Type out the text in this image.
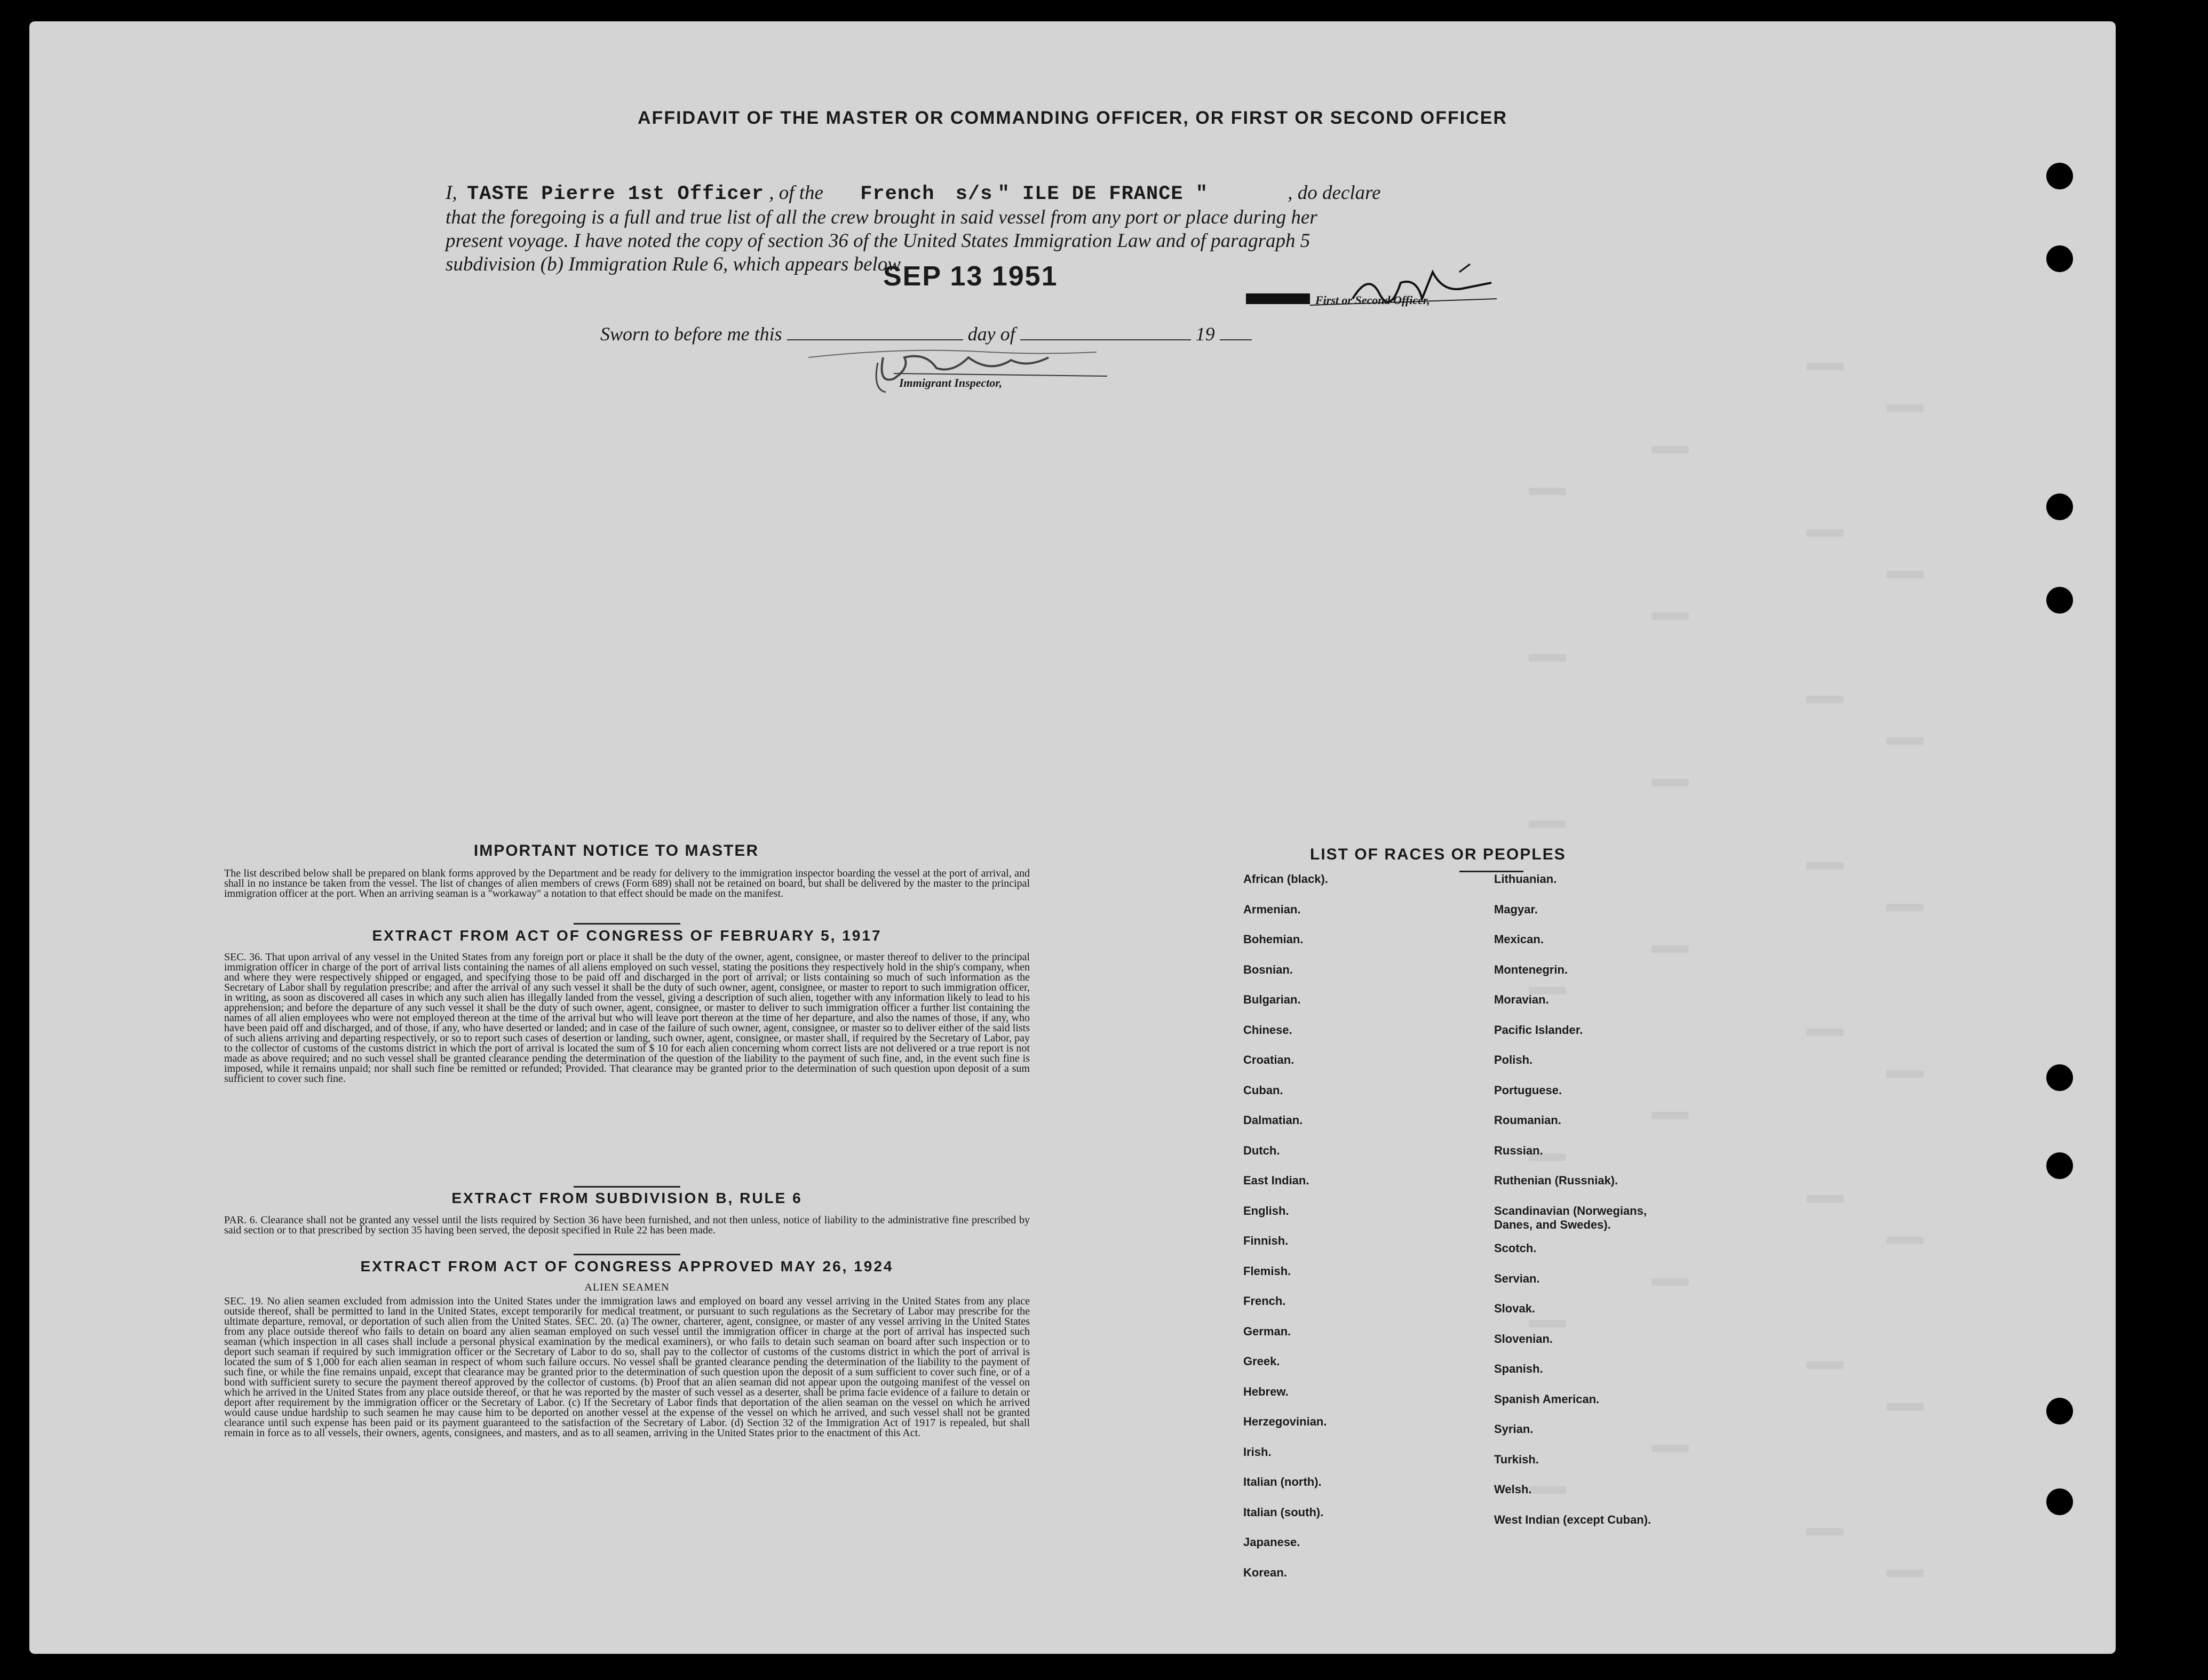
AFFIDAVIT OF THE MASTER OR COMMANDING OFFICER, OR FIRST OR SECOND OFFICER
I, TASTE Pierre 1st Officer , of the French s/s " ILE DE FRANCE "	, do declare
that the foregoing is a full and true list of all the crew brought in said vessel from any port or place during her
present voyage. I have noted the copy of section 36 of the United States Immigration Law and of paragraph 5
subdivision (b) Immigration Rule 6, which appears below
SEP 13 1951
First or Second Officer,
Sworn to before me this	day of	19
Immigrant Inspector,
IMPORTANT NOTICE TO MASTER
The list described below shall be prepared on blank forms approved by the Department and be ready for delivery to the immigration inspector boarding the vessel at the port of arrival, and shall in no instance be taken from the vessel. The list of changes of alien members of crews (Form 689) shall not be retained on board, but shall be delivered by the master to the principal immigration officer at the port. When an arriving seaman is a "workaway" a notation to that effect should be made on the manifest.
EXTRACT FROM ACT OF CONGRESS OF FEBRUARY 5, 1917
SEC. 36. That upon arrival of any vessel in the United States from any foreign port or place it shall be the duty of the owner, agent, consignee, or master thereof to deliver to the principal immigration officer in charge of the port of arrival lists containing the names of all aliens employed on such vessel, stating the positions they respectively hold in the ship's company, when and where they were respectively shipped or engaged, and specifying those to be paid off and discharged in the port of arrival; or lists containing so much of such information as the Secretary of Labor shall by regulation prescribe; and after the arrival of any such vessel it shall be the duty of such owner, agent, consignee, or master to report to such immigration officer, in writing, as soon as discovered all cases in which any such alien has illegally landed from the vessel, giving a description of such alien, together with any information likely to lead to his apprehension; and before the departure of any such vessel it shall be the duty of such owner, agent, consignee, or master to deliver to such immigration officer a further list containing the names of all alien employees who were not employed thereon at the time of the arrival but who will leave port thereon at the time of her departure, and also the names of those, if any, who have been paid off and discharged, and of those, if any, who have deserted or landed; and in case of the failure of such owner, agent, consignee, or master so to deliver either of the said lists of such aliens arriving and departing respectively, or so to report such cases of desertion or landing, such owner, agent, consignee, or master shall, if required by the Secretary of Labor, pay to the collector of customs of the customs district in which the port of arrival is located the sum of $ 10 for each alien concerning whom correct lists are not delivered or a true report is not made as above required; and no such vessel shall be granted clearance pending the determination of the question of the liability to the payment of such fine, and, in the event such fine is imposed, while it remains unpaid; nor shall such fine be remitted or refunded; Provided. That clearance may be granted prior to the determination of such question upon deposit of a sum sufficient to cover such fine.
EXTRACT FROM SUBDIVISION B, RULE 6
PAR. 6. Clearance shall not be granted any vessel until the lists required by Section 36 have been furnished, and not then unless, notice of liability to the administrative fine prescribed by said section or to that prescribed by section 35 having been served, the deposit specified in Rule 22 has been made.
EXTRACT FROM ACT OF CONGRESS APPROVED MAY 26, 1924
ALIEN SEAMEN
SEC. 19. No alien seamen excluded from admission into the United States under the immigration laws and employed on board any vessel arriving in the United States from any place outside thereof, shall be permitted to land in the United States, except temporarily for medical treatment, or pursuant to such regulations as the Secretary of Labor may prescribe for the ultimate departure, removal, or deportation of such alien from the United States. SEC. 20. (a) The owner, charterer, agent, consignee, or master of any vessel arriving in the United States from any place outside thereof who fails to detain on board any alien seaman employed on such vessel until the immigration officer in charge at the port of arrival has inspected such seaman (which inspection in all cases shall include a personal physical examination by the medical examiners), or who fails to detain such seaman on board after such inspection or to deport such seaman if required by such immigration officer or the Secretary of Labor to do so, shall pay to the collector of customs of the customs district in which the port of arrival is located the sum of $ 1,000 for each alien seaman in respect of whom such failure occurs. No vessel shall be granted clearance pending the determination of the liability to the payment of such fine, or while the fine remains unpaid, except that clearance may be granted prior to the determination of such question upon the deposit of a sum sufficient to cover such fine, or of a bond with sufficient surety to secure the payment thereof approved by the collector of customs. (b) Proof that an alien seaman did not appear upon the outgoing manifest of the vessel on which he arrived in the United States from any place outside thereof, or that he was reported by the master of such vessel as a deserter, shall be prima facie evidence of a failure to detain or deport after requirement by the immigration officer or the Secretary of Labor. (c) If the Secretary of Labor finds that deportation of the alien seaman on the vessel on which he arrived would cause undue hardship to such seamen he may cause him to be deported on another vessel at the expense of the vessel on which he arrived, and such vessel shall not be granted clearance until such expense has been paid or its payment guaranteed to the satisfaction of the Secretary of Labor. (d) Section 32 of the Immigration Act of 1917 is repealed, but shall remain in force as to all vessels, their owners, agents, consignees, and masters, and as to all seamen, arriving in the United States prior to the enactment of this Act.
LIST OF RACES OR PEOPLES
African (black).
Armenian.
Bohemian.
Bosnian.
Bulgarian.
Chinese.
Croatian.
Cuban.
Dalmatian.
Dutch.
East Indian.
English.
Finnish.
Flemish.
French.
German.
Greek.
Hebrew.
Herzegovinian.
Irish.
Italian (north).
Italian (south).
Japanese.
Korean.
Lithuanian.
Magyar.
Mexican.
Montenegrin.
Moravian.
Pacific Islander.
Polish.
Portuguese.
Roumanian.
Russian.
Ruthenian (Russniak).
Scandinavian (Norwegians, Danes, and Swedes).
Scotch.
Servian.
Slovak.
Slovenian.
Spanish.
Spanish American.
Syrian.
Turkish.
Welsh.
West Indian (except Cuban).
